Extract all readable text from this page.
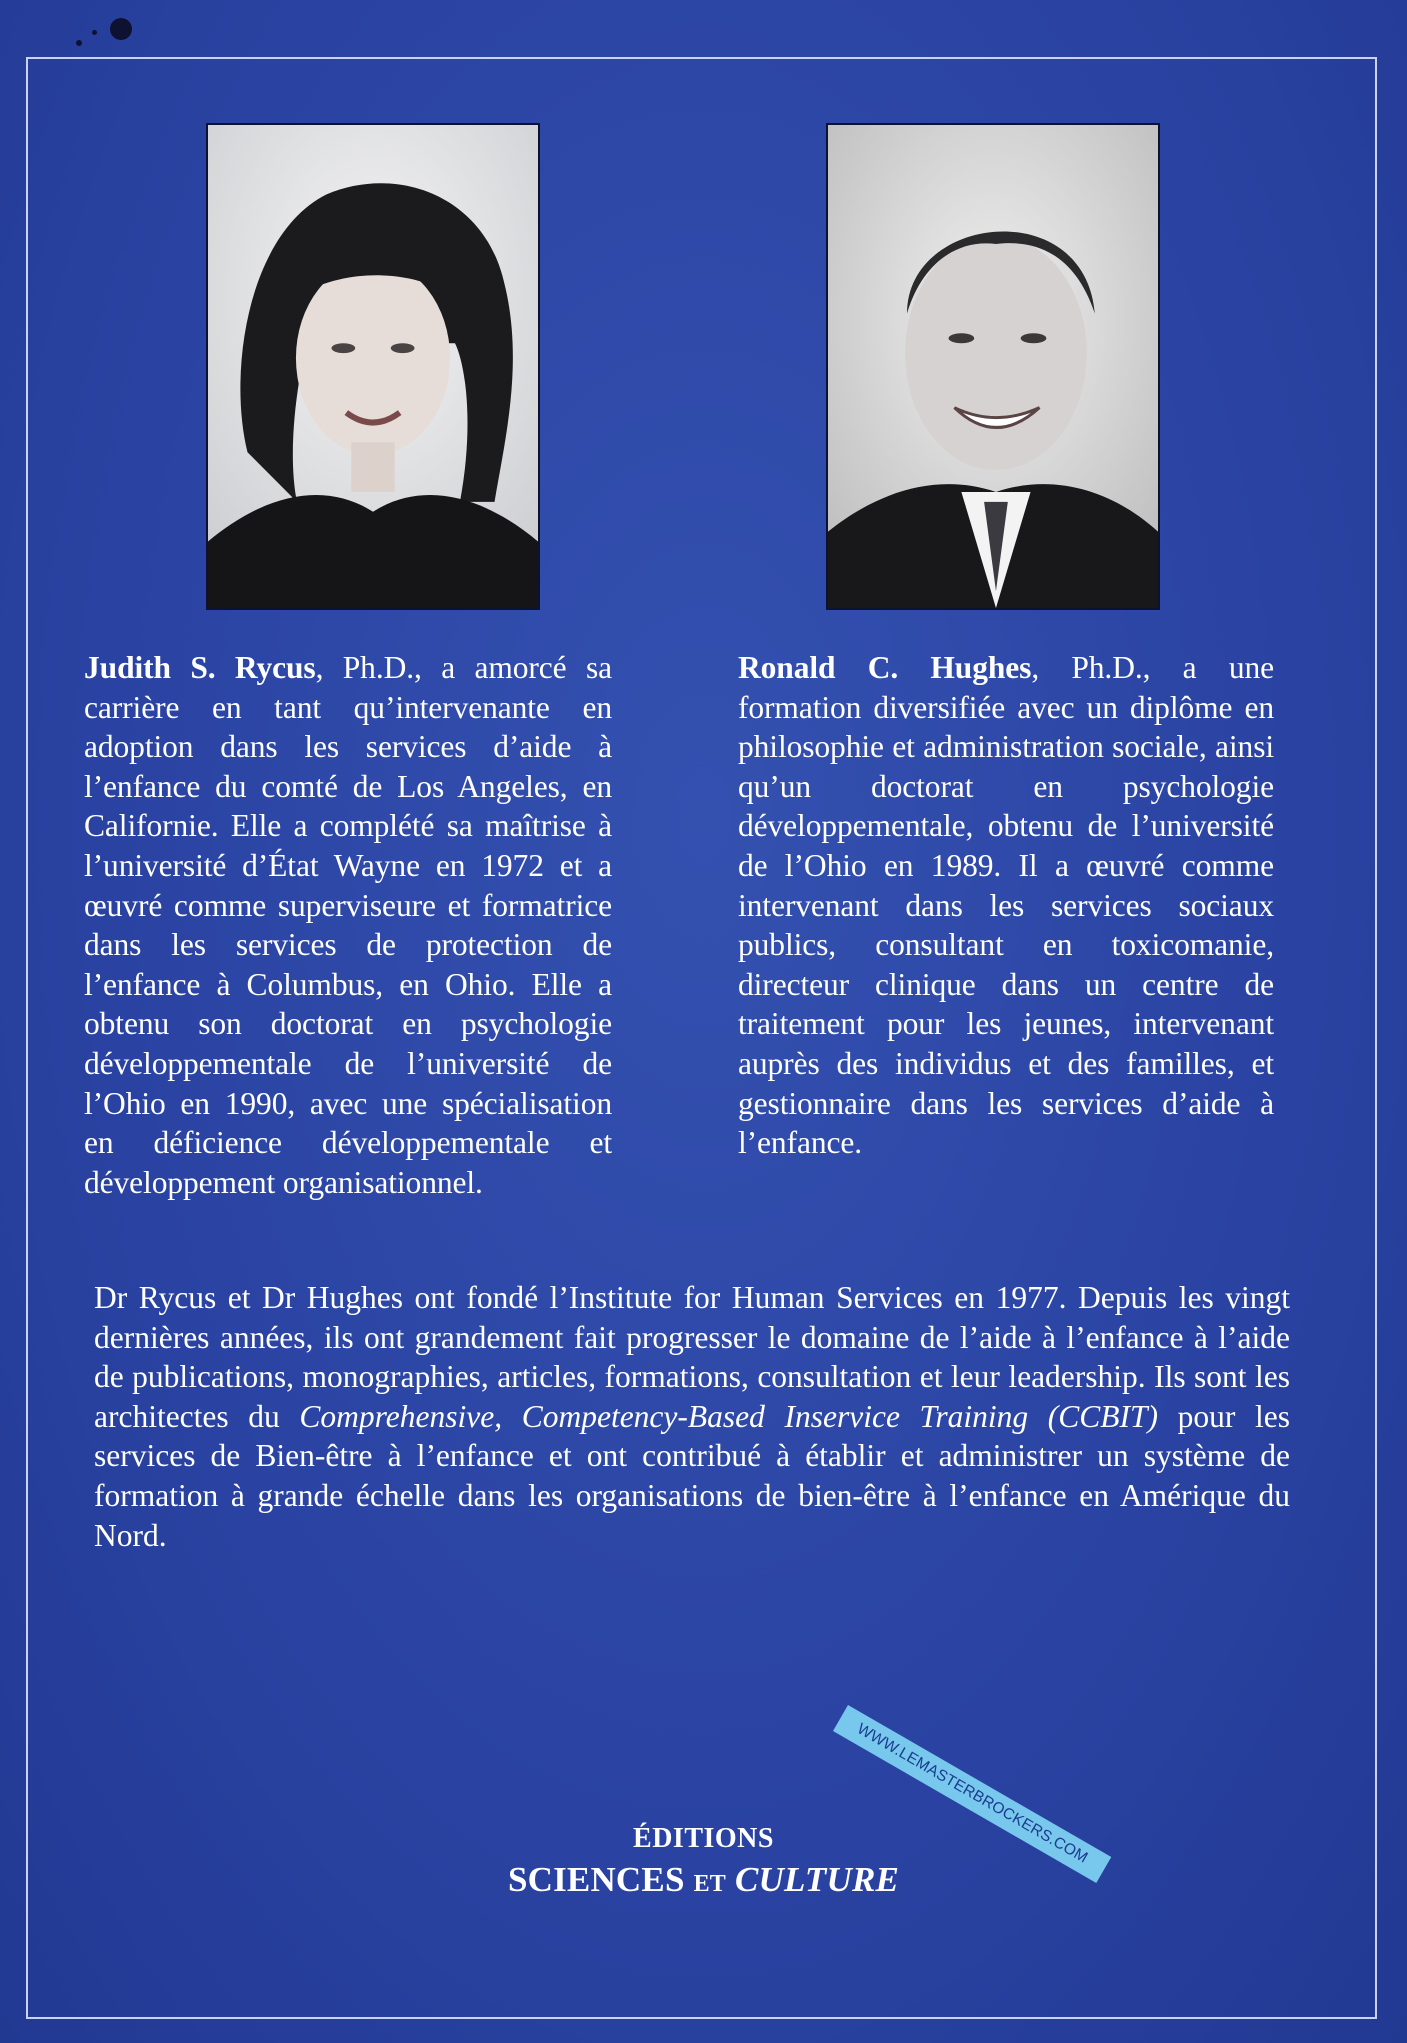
Judith S. Rycus, Ph.D., a amorcé sa carrière en tant qu’intervenante en adoption dans les services d’aide à l’enfance du comté de Los Angeles, en Californie. Elle a complété sa maîtrise à l’université d’État Wayne en 1972 et a œuvré comme superviseure et formatrice dans les services de protection de l’enfance à Columbus, en Ohio. Elle a obtenu son doctorat en psychologie développementale de l’université de l’Ohio en 1990, avec une spécialisation en déficience développementale et développement organisationnel.
Ronald C. Hughes, Ph.D., a une formation diversifiée avec un diplôme en philosophie et administration sociale, ainsi qu’un doctorat en psychologie développementale, obtenu de l’université de l’Ohio en 1989. Il a œuvré comme intervenant dans les services sociaux publics, consultant en toxicomanie, directeur clinique dans un centre de traitement pour les jeunes, intervenant auprès des individus et des familles, et gestionnaire dans les services d’aide à l’enfance.
Dr Rycus et Dr Hughes ont fondé l’Institute for Human Services en 1977. Depuis les vingt dernières années, ils ont grandement fait progresser le domaine de l’aide à l’enfance à l’aide de publications, monographies, articles, formations, consultation et leur leadership. Ils sont les architectes du Comprehensive, Competency-Based Inservice Training (CCBIT) pour les services de Bien-être à l’enfance et ont contribué à établir et administrer un système de formation à grande échelle dans les organisations de bien-être à l’enfance en Amérique du Nord.
WWW.LEMASTERBROCKERS.COM
ÉDITIONS
SCIENCES ET CULTURE
